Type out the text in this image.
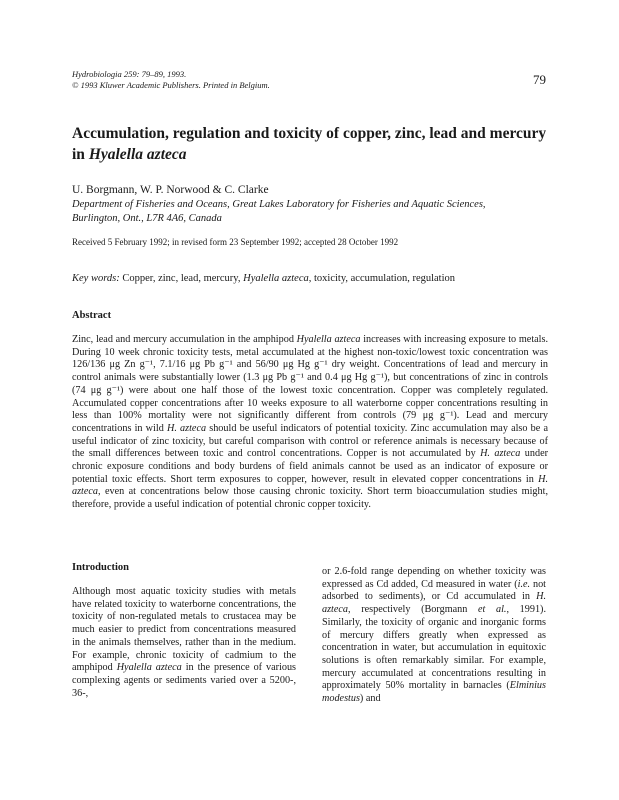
Hydrobiologia 259: 79–89, 1993.
© 1993 Kluwer Academic Publishers. Printed in Belgium.	79
Accumulation, regulation and toxicity of copper, zinc, lead and mercury
in Hyalella azteca
U. Borgmann, W. P. Norwood & C. Clarke
Department of Fisheries and Oceans, Great Lakes Laboratory for Fisheries and Aquatic Sciences,
Burlington, Ont., L7R 4A6, Canada
Received 5 February 1992; in revised form 23 September 1992; accepted 28 October 1992
Key words: Copper, zinc, lead, mercury, Hyalella azteca, toxicity, accumulation, regulation
Abstract
Zinc, lead and mercury accumulation in the amphipod Hyalella azteca increases with increasing exposure to metals. During 10 week chronic toxicity tests, metal accumulated at the highest non-toxic/lowest toxic concentration was 126/136 μg Zn g⁻¹, 7.1/16 μg Pb g⁻¹ and 56/90 μg Hg g⁻¹ dry weight. Concentrations of lead and mercury in control animals were substantially lower (1.3 μg Pb g⁻¹ and 0.4 μg Hg g⁻¹), but concentrations of zinc in controls (74 μg g⁻¹) were about one half those of the lowest toxic concentration. Copper was completely regulated. Accumulated copper concentrations after 10 weeks exposure to all waterborne copper concentrations resulting in less than 100% mortality were not significantly different from controls (79 μg g⁻¹). Lead and mercury concentrations in wild H. azteca should be useful indicators of potential toxicity. Zinc accumulation may also be a useful indicator of zinc toxicity, but careful comparison with control or reference animals is necessary because of the small differences between toxic and control concentrations. Copper is not accumulated by H. azteca under chronic exposure conditions and body burdens of field animals cannot be used as an indicator of exposure or potential toxic effects. Short term exposures to copper, however, result in elevated copper concentrations in H. azteca, even at concentrations below those causing chronic toxicity. Short term bioaccumulation studies might, therefore, provide a useful indication of potential chronic copper toxicity.
Introduction
Although most aquatic toxicity studies with metals have related toxicity to waterborne concentrations, the toxicity of non-regulated metals to crustacea may be much easier to predict from concentrations measured in the animals themselves, rather than in the medium. For example, chronic toxicity of cadmium to the amphipod Hyalella azteca in the presence of various complexing agents or sediments varied over a 5200-, 36-,
or 2.6-fold range depending on whether toxicity was expressed as Cd added, Cd measured in water (i.e. not adsorbed to sediments), or Cd accumulated in H. azteca, respectively (Borgmann et al., 1991). Similarly, the toxicity of organic and inorganic forms of mercury differs greatly when expressed as concentration in water, but accumulation in equitoxic solutions is often remarkably similar. For example, mercury accumulated at concentrations resulting in approximately 50% mortality in barnacles (Elminius modestus) and
